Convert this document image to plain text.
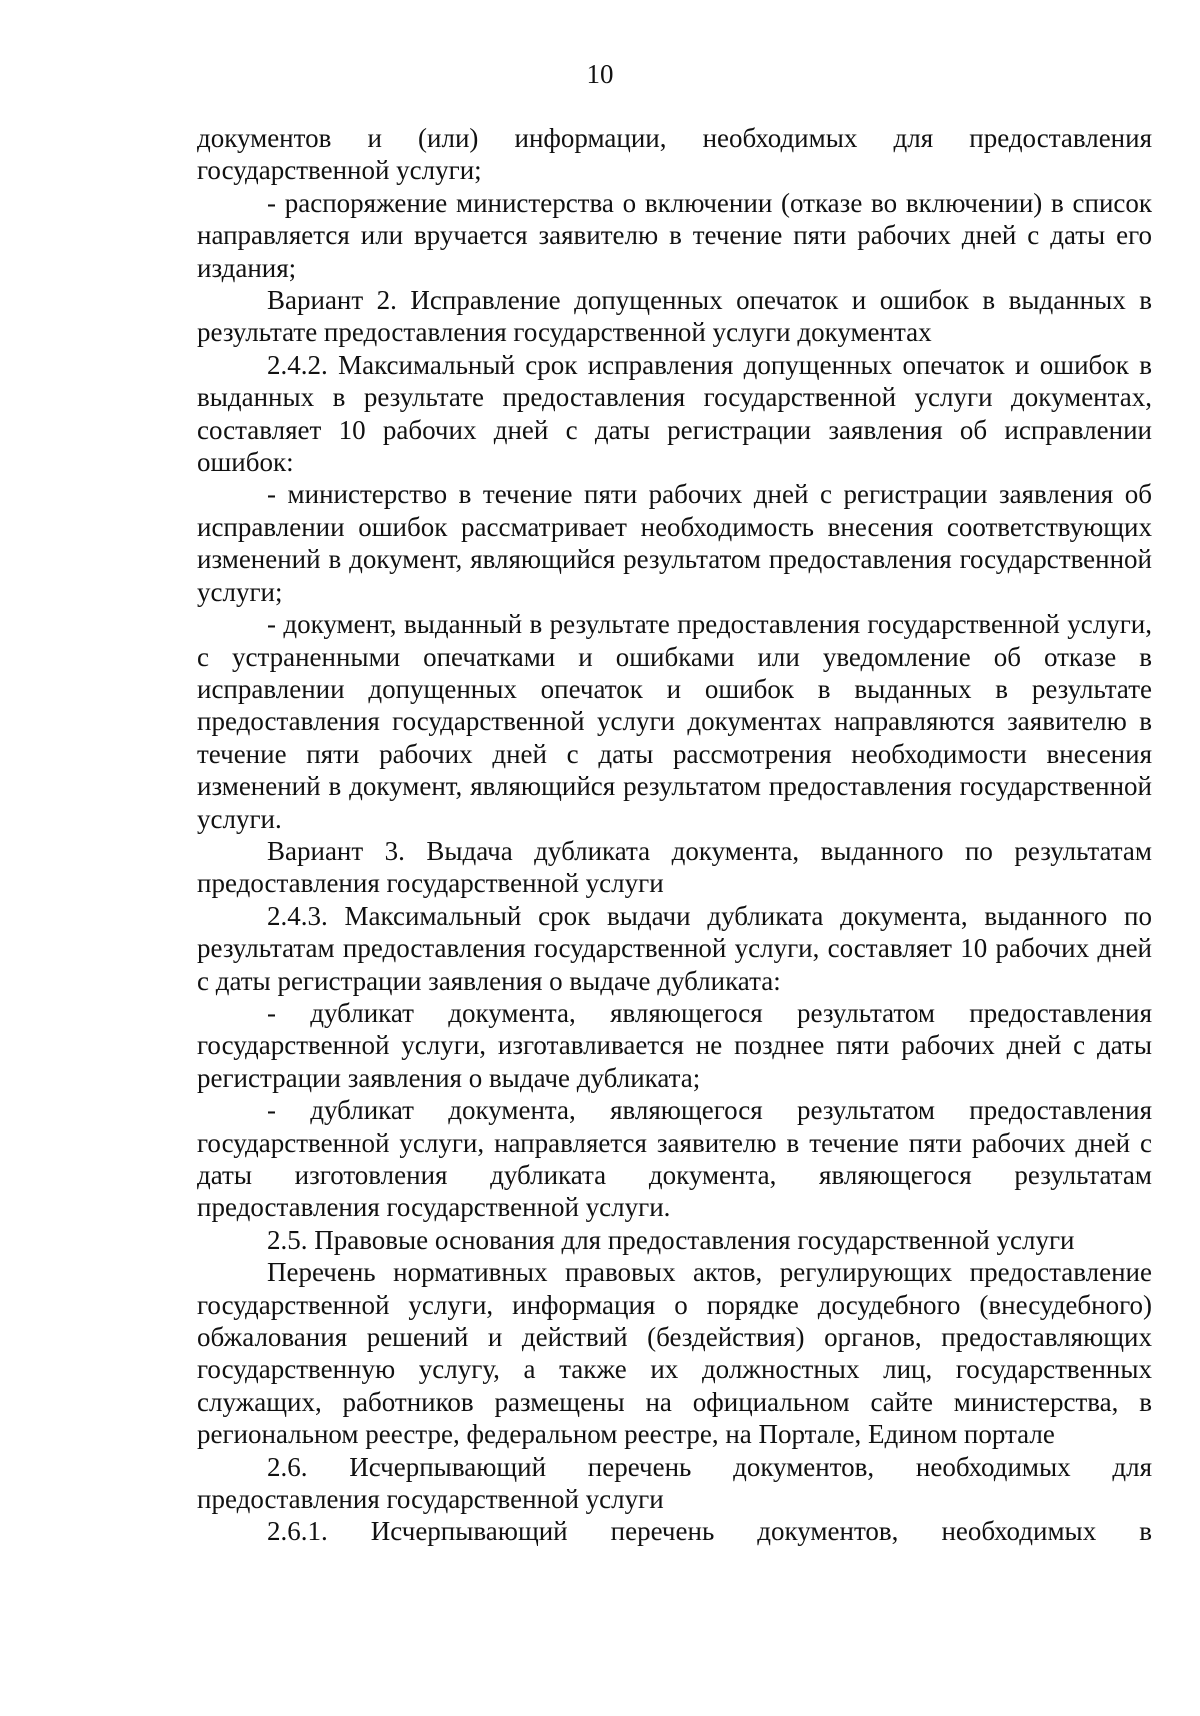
10

документов и (или) информации, необходимых для предоставления государственной услуги;

- распоряжение министерства о включении (отказе во включении) в список направляется или вручается заявителю в течение пяти рабочих дней с даты его издания;

Вариант 2. Исправление допущенных опечаток и ошибок в выданных в результате предоставления государственной услуги документах

2.4.2. Максимальный срок исправления допущенных опечаток и ошибок в выданных в результате предоставления государственной услуги документах, составляет 10 рабочих дней с даты регистрации заявления об исправлении ошибок:

- министерство в течение пяти рабочих дней с регистрации заявления об исправлении ошибок рассматривает необходимость внесения соответствующих изменений в документ, являющийся результатом предоставления государственной услуги;

- документ, выданный в результате предоставления государственной услуги, с устраненными опечатками и ошибками или уведомление об отказе в исправлении допущенных опечаток и ошибок в выданных в результате предоставления государственной услуги документах направляются заявителю в течение пяти рабочих дней с даты рассмотрения необходимости внесения изменений в документ, являющийся результатом предоставления государственной услуги.

Вариант 3. Выдача дубликата документа, выданного по результатам предоставления государственной услуги

2.4.3. Максимальный срок выдачи дубликата документа, выданного по результатам предоставления государственной услуги, составляет 10 рабочих дней с даты регистрации заявления о выдаче дубликата:

- дубликат документа, являющегося результатом предоставления государственной услуги, изготавливается не позднее пяти рабочих дней с даты регистрации заявления о выдаче дубликата;

- дубликат документа, являющегося результатом предоставления государственной услуги, направляется заявителю в течение пяти рабочих дней с даты изготовления дубликата документа, являющегося результатам предоставления государственной услуги.

2.5. Правовые основания для предоставления государственной услуги

Перечень нормативных правовых актов, регулирующих предоставление государственной услуги, информация о порядке досудебного (внесудебного) обжалования решений и действий (бездействия) органов, предоставляющих государственную услугу, а также их должностных лиц, государственных служащих, работников размещены на официальном сайте министерства, в региональном реестре, федеральном реестре, на Портале, Едином портале

2.6. Исчерпывающий перечень документов, необходимых для предоставления государственной услуги

2.6.1. Исчерпывающий перечень документов, необходимых в
